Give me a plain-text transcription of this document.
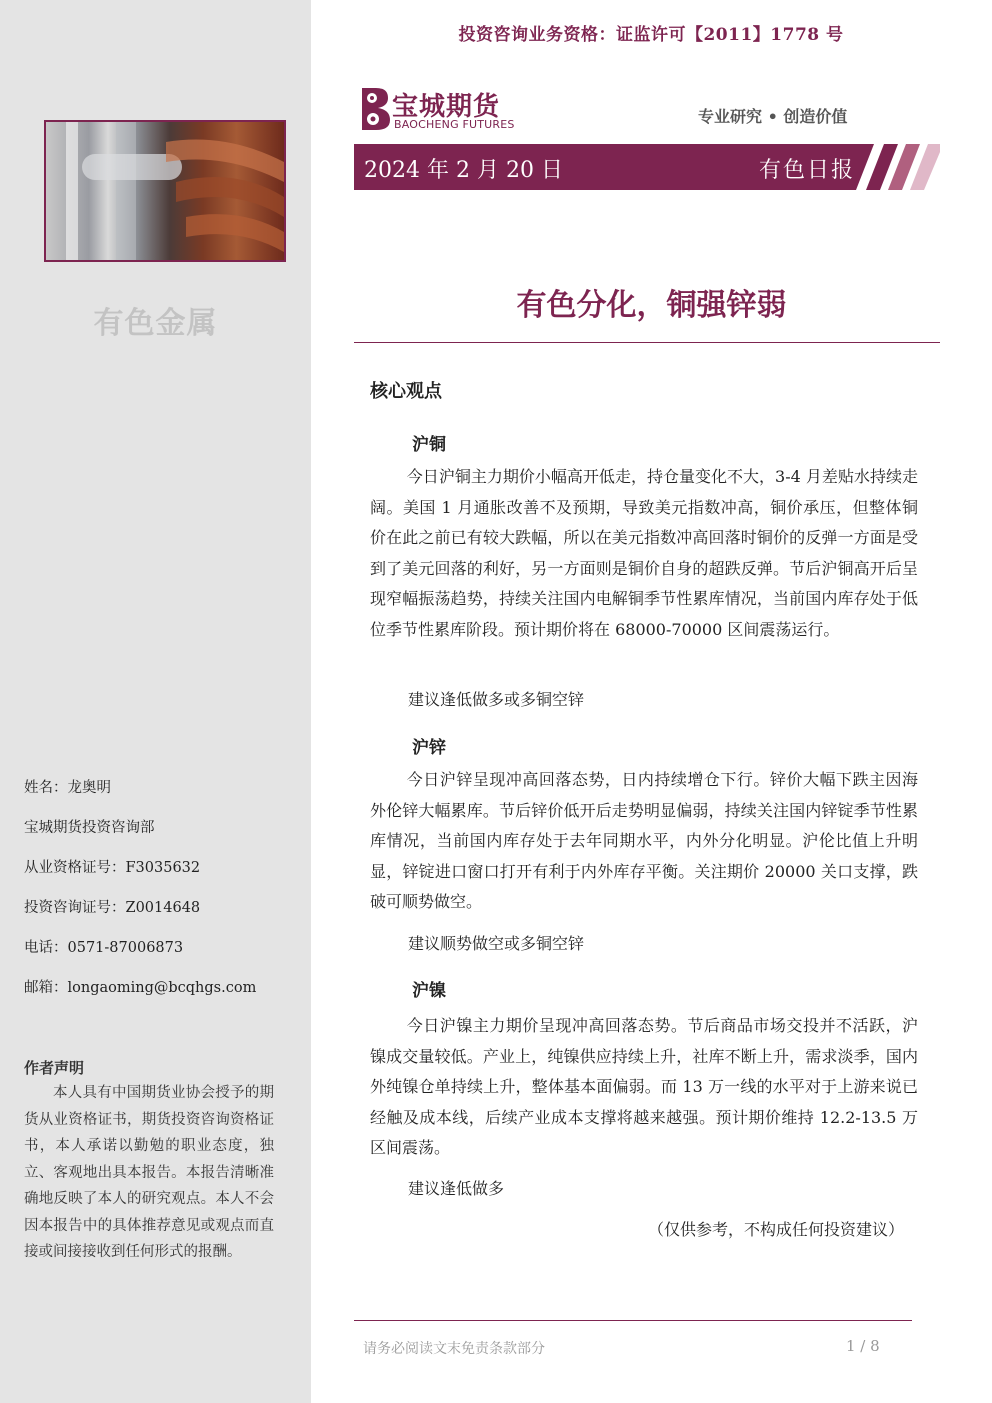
有色金属
姓名：龙奥明
宝城期货投资咨询部
从业资格证号：F3035632
投资咨询证号：Z0014648
电话：0571-87006873
邮箱：longaoming@bcqhgs.com
作者声明
本人具有中国期货业协会授予的期货从业资格证书，期货投资咨询资格证书，本人承诺以勤勉的职业态度，独立、客观地出具本报告。本报告清晰准确地反映了本人的研究观点。本人不会因本报告中的具体推荐意见或观点而直接或间接接收到任何形式的报酬。
投资咨询业务资格：证监许可【2011】1778 号
宝城期货
BAOCHENG FUTURES	专业研究 • 创造价值
2024 年 2 月 20 日	有色日报
有色分化，铜强锌弱
核心观点
沪铜
今日沪铜主力期价小幅高开低走，持仓量变化不大，3-4 月差贴水持续走阔。美国 1 月通胀改善不及预期，导致美元指数冲高，铜价承压，但整体铜价在此之前已有较大跌幅，所以在美元指数冲高回落时铜价的反弹一方面是受到了美元回落的利好，另一方面则是铜价自身的超跌反弹。节后沪铜高开后呈现窄幅振荡趋势，持续关注国内电解铜季节性累库情况，当前国内库存处于低位季节性累库阶段。预计期价将在 68000-70000 区间震荡运行。
建议逢低做多或多铜空锌
沪锌
今日沪锌呈现冲高回落态势，日内持续增仓下行。锌价大幅下跌主因海外伦锌大幅累库。节后锌价低开后走势明显偏弱，持续关注国内锌锭季节性累库情况，当前国内库存处于去年同期水平，内外分化明显。沪伦比值上升明显，锌锭进口窗口打开有利于内外库存平衡。关注期价 20000 关口支撑，跌破可顺势做空。
建议顺势做空或多铜空锌
沪镍
今日沪镍主力期价呈现冲高回落态势。节后商品市场交投并不活跃，沪镍成交量较低。产业上，纯镍供应持续上升，社库不断上升，需求淡季，国内外纯镍仓单持续上升，整体基本面偏弱。而 13 万一线的水平对于上游来说已经触及成本线，后续产业成本支撑将越来越强。预计期价维持 12.2-13.5 万区间震荡。
建议逢低做多
（仅供参考，不构成任何投资建议）
请务必阅读文末免责条款部分	1 / 8
